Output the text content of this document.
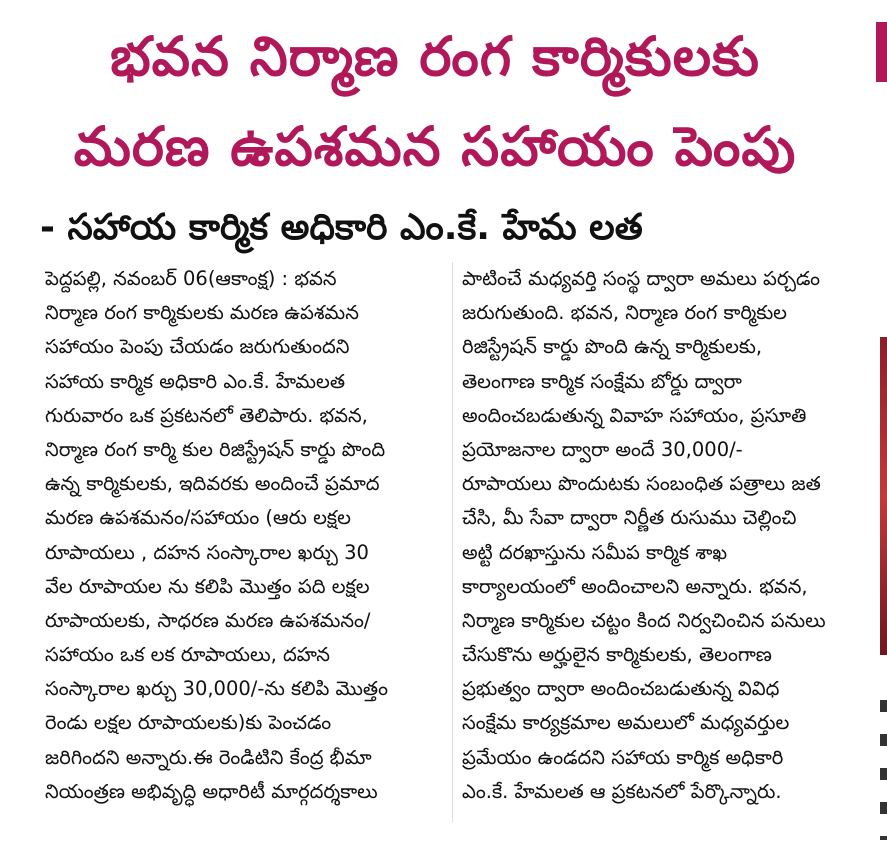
భవన నిర్మాణ రంగ కార్మికులకు
మరణ ఉపశమన సహాయం పెంపు
- సహాయ కార్మిక అధికారి ఎం.కే. హేమ లత
పెద్దపల్లి, నవంబర్ 06(ఆకాంక్ష) : భవన
నిర్మాణ రంగ కార్మికులకు మరణ ఉపశమన
సహాయం పెంపు చేయడం జరుగుతుందని
సహాయ కార్మిక అధికారి ఎం.కే. హేమలత
గురువారం ఒక ప్రకటనలో తెలిపారు. భవన,
నిర్మాణ రంగ కార్మి కుల రిజిస్ట్రేషన్ కార్డు పొంది
ఉన్న కార్మికులకు, ఇదివరకు అందించే ప్రమాద
మరణ ఉపశమనం/సహాయం (ఆరు లక్షల
రూపాయలు , దహన సంస్కారాల ఖర్చు 30
వేల రూపాయల ను కలిపి మొత్తం పది లక్షల
రూపాయలకు, సాధరణ మరణ ఉపశమనం/
సహాయం ఒక లక రూపాయలు, దహన
సంస్కారాల ఖర్చు 30,000/-ను కలిపి మొత్తం
రెండు లక్షల రూపాయలకు)కు పెంచడం
జరిగిందని అన్నారు.ఈ రెండిటిని కేంద్ర భీమా
నియంత్రణ అభివృద్ధి అధారిటీ మార్గదర్శకాలు
పాటించే మధ్యవర్తి సంస్థ ద్వారా అమలు పర్చడం
జరుగుతుంది. భవన, నిర్మాణ రంగ కార్మికుల
రిజిస్ట్రేషన్ కార్డు పొంది ఉన్న కార్మికులకు,
తెలంగాణ కార్మిక సంక్షేమ బోర్డు ద్వారా
అందించబడుతున్న వివాహ సహాయం, ప్రసూతి
ప్రయోజనాల ద్వారా అందే 30,000/-
రూపాయలు పొందుటకు సంబంధిత పత్రాలు జత
చేసి, మీ సేవా ద్వారా నిర్ణీత రుసుము చెల్లించి
అట్టి దరఖాస్తును సమీప కార్మిక శాఖ
కార్యాలయంలో అందించాలని అన్నారు. భవన,
నిర్మాణ కార్మికుల చట్టం కింద నిర్వచించిన పనులు
చేసుకొను అర్హులైన కార్మికులకు, తెలంగాణ
ప్రభుత్వం ద్వారా అందించబడుతున్న వివిధ
సంక్షేమ కార్యక్రమాల అమలులో మధ్యవర్తుల
ప్రమేయం ఉండదని సహాయ కార్మిక అధికారి
ఎం.కే. హేమలత ఆ ప్రకటనలో పేర్కొన్నారు.
